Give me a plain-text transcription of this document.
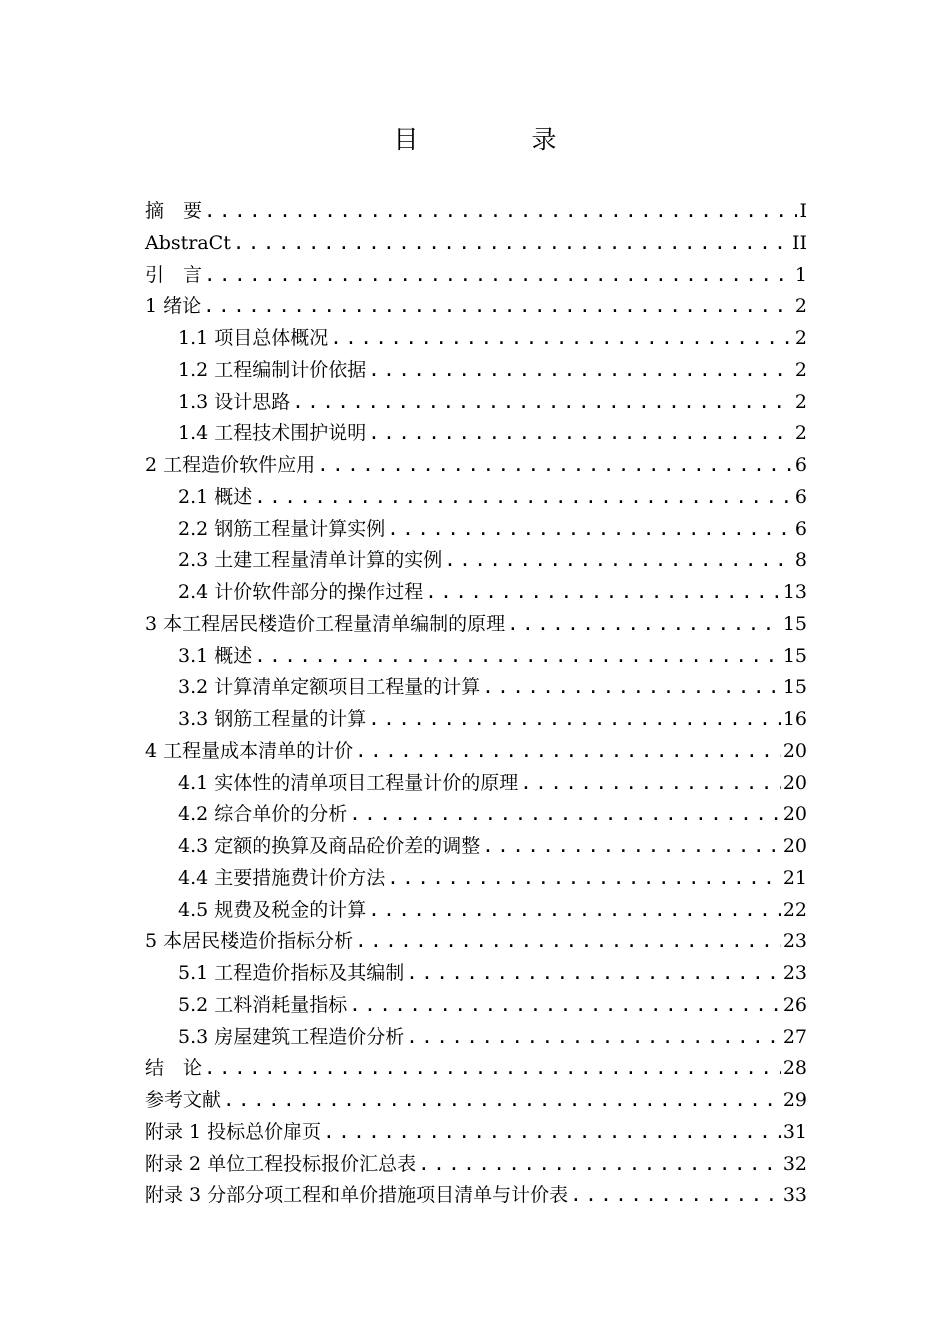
目　录
摘　要 .....	I
AbstraCt .....	II
引　言 .....	1
1 绪论 .....	2
1.1 项目总体概况 .....	2
1.2 工程编制计价依据 .....	2
1.3 设计思路 .....	2
1.4 工程技术围护说明 .....	2
2 工程造价软件应用 .....	6
2.1 概述 .....	6
2.2 钢筋工程量计算实例 .....	6
2.3 土建工程量清单计算的实例 .....	8
2.4 计价软件部分的操作过程 .....	13
3 本工程居民楼造价工程量清单编制的原理 .....	15
3.1 概述 .....	15
3.2 计算清单定额项目工程量的计算 .....	15
3.3 钢筋工程量的计算 .....	16
4 工程量成本清单的计价 .....	20
4.1 实体性的清单项目工程量计价的原理 .....	20
4.2 综合单价的分析 .....	20
4.3 定额的换算及商品砼价差的调整 .....	20
4.4 主要措施费计价方法 .....	21
4.5 规费及税金的计算 .....	22
5 本居民楼造价指标分析 .....	23
5.1 工程造价指标及其编制 .....	23
5.2 工料消耗量指标 .....	26
5.3 房屋建筑工程造价分析 .....	27
结　论 .....	28
参考文献 .....	29
附录 1 投标总价扉页 .....	31
附录 2 单位工程投标报价汇总表 .....	32
附录 3 分部分项工程和单价措施项目清单与计价表 .....	33
